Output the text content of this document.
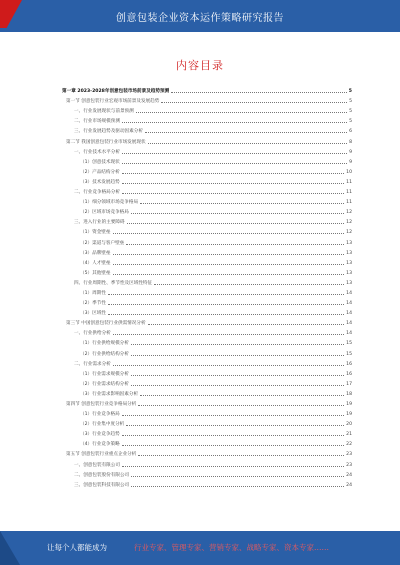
创意包装企业资本运作策略研究报告
内容目录
第一章 2023-2028年创意包装市场前景及趋势预测	5
第一节 创意包装行业宏观市场前景及发展趋势	5
一、行业发展现状与前景预测	5
二、行业市场规模预测	5
三、行业发展趋势及驱动因素分析	6
第二节 我国创意包装行业市场发展现状	8
一、行业技术水平分析	9
（1）创意技术现状	9
（2）产品结构分析	10
（3）技术发展趋势	11
二、行业竞争格局分析	11
（1）细分领域市场竞争格局	11
（2）区域市场竞争格局	12
三、进入行业的主要障碍	12
（1）资金壁垒	12
（2）渠道与客户壁垒	13
（3）品牌壁垒	13
（4）人才壁垒	13
（5）其他壁垒	13
四、行业周期性、季节性及区域性特征	13
（1）周期性	14
（2）季节性	14
（3）区域性	14
第三节 中国创意包装行业供需情况分析	14
一、行业供给分析	14
（1）行业供给规模分析	15
（2）行业供给结构分析	15
二、行业需求分析	16
（1）行业需求规模分析	16
（2）行业需求结构分析	17
（3）行业需求影响因素分析	18
第四节 创意包装行业竞争格局分析	19
（1）行业竞争格局	19
（2）行业集中度分析	20
（3）行业竞争趋势	21
（4）行业竞争策略	22
第五节 创意包装行业重点企业分析	23
一、创意包装有限公司	23
二、创意包装股份有限公司	24
三、创意包装科技有限公司	24
让每个人都能成为	行业专家、管理专家、营销专家、战略专家、资本专家……
